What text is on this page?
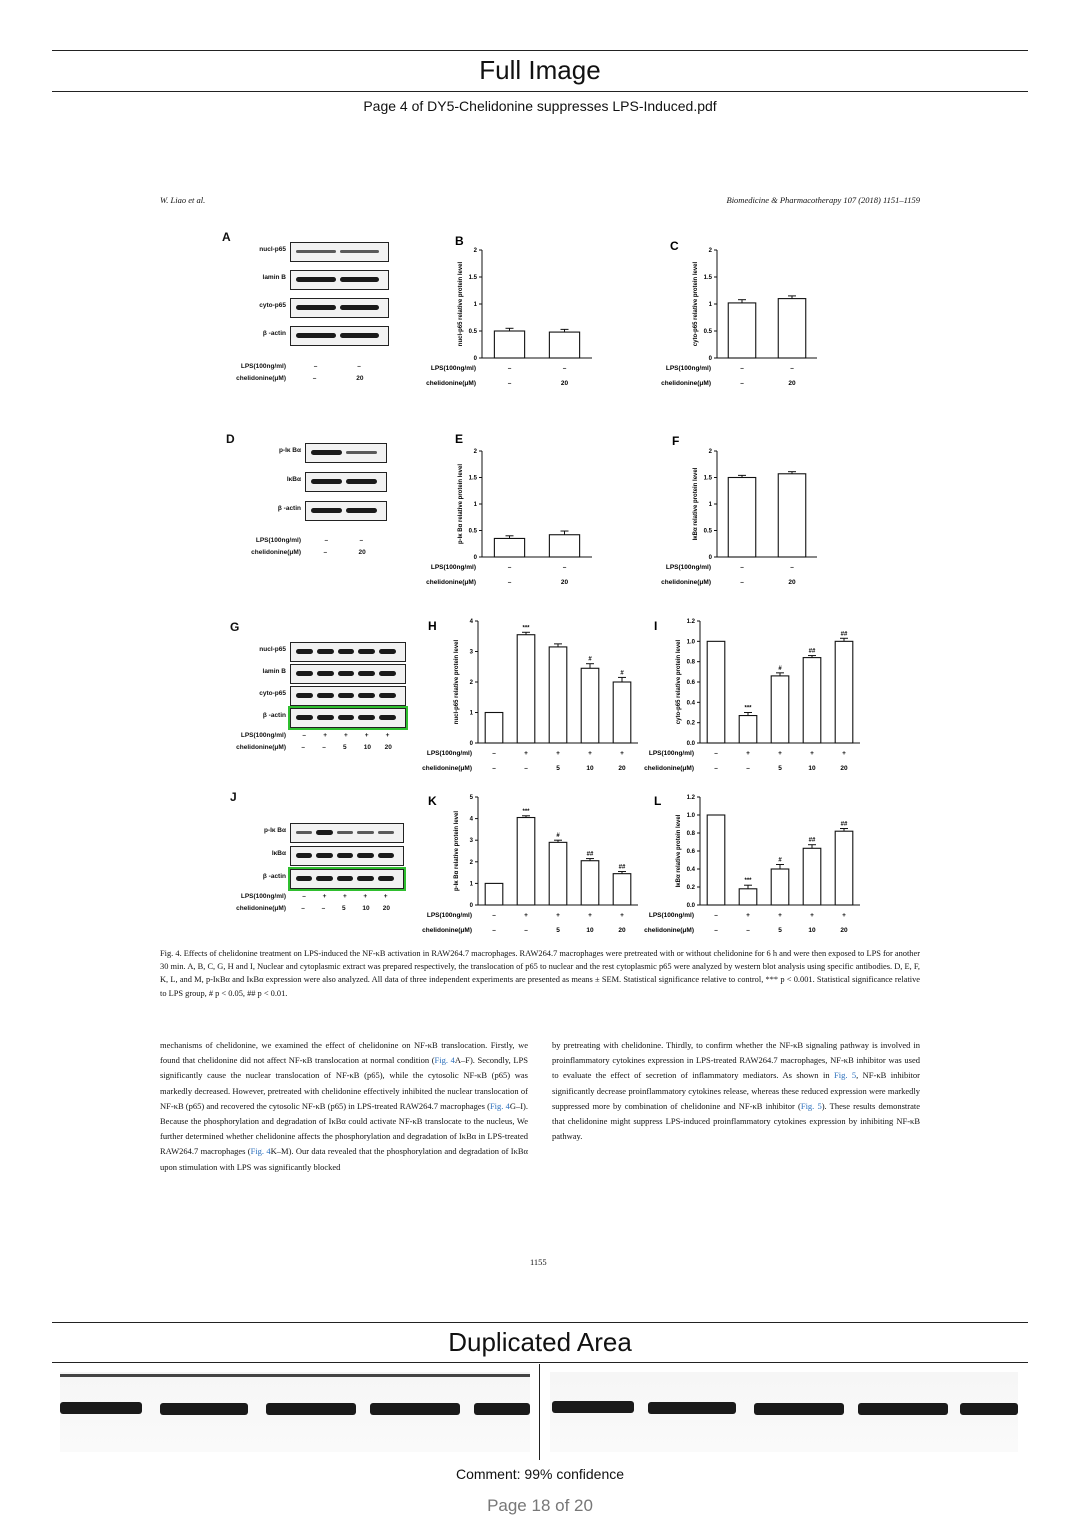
Full Image
Page 4 of DY5-Chelidonine suppresses LPS-Induced.pdf
W. Liao et al.	Biomedicine & Pharmacotherapy 107 (2018) 1151–1159
A
nucl-p65
lamin B
cyto-p65
β -actin
LPS(100ng/ml)
chelidonine(μM)
–
–
–
20
D
p-Iκ Bα
IκBα
β -actin
LPS(100ng/ml)
chelidonine(μM)
–
–
–
20
G
nucl-p65
lamin B
cyto-p65
β -actin
LPS(100ng/ml)
chelidonine(μM)
–
–
+
–
+
5
+
10
+
20
J
p-Iκ Bα
IκBα
β -actin
LPS(100ng/ml)
chelidonine(μM)
–
–
+
–
+
5
+
10
+
20
B
0
0.5
1
1.5
2
nucl-p65 relative protein level
–
–
–
20
LPS(100ng/ml)
chelidonine(μM)
C
0
0.5
1
1.5
2
cyto-p65 relative protein level
–
–
–
20
LPS(100ng/ml)
chelidonine(μM)
E
0
0.5
1
1.5
2
p-Iκ Bα relative protein level
–
–
–
20
LPS(100ng/ml)
chelidonine(μM)
F
0
0.5
1
1.5
2
IκBα relative protein level
–
–
–
20
LPS(100ng/ml)
chelidonine(μM)
H
0
1
2
3
4
nucl-p65 relative protein level
–
–
***
+
–
+
5
#
+
10
#
+
20
LPS(100ng/ml)
chelidonine(μM)
I
0.0
0.2
0.4
0.6
0.8
1.0
1.2
cyto-p65 relative protein level
–
–
***
+
–
#
+
5
##
+
10
##
+
20
LPS(100ng/ml)
chelidonine(μM)
K
0
1
2
3
4
5
p-Iκ Bα relative protein level
–
–
***
+
–
#
+
5
##
+
10
##
+
20
LPS(100ng/ml)
chelidonine(μM)
L
0.0
0.2
0.4
0.6
0.8
1.0
1.2
IκBα relative protein level
–
–
***
+
–
#
+
5
##
+
10
##
+
20
LPS(100ng/ml)
chelidonine(μM)
Fig. 4. Effects of chelidonine treatment on LPS-induced the NF-κB activation in RAW264.7 macrophages. RAW264.7 macrophages were pretreated with or without chelidonine for 6 h and were then exposed to LPS for another 30 min. A, B, C, G, H and I, Nuclear and cytoplasmic extract was prepared respectively, the translocation of p65 to nuclear and the rest cytoplasmic p65 were analyzed by western blot analysis using specific antibodies. D, E, F, K, L, and M, p-IκBα and IκBα expression were also analyzed. All data of three independent experiments are presented as means ± SEM. Statistical significance relative to control, *** p < 0.001. Statistical significance relative to LPS group, # p < 0.05, ## p < 0.01.
mechanisms of chelidonine, we examined the effect of chelidonine on NF-κB translocation. Firstly, we found that chelidonine did not affect NF-κB translocation at normal condition (Fig. 4A–F). Secondly, LPS significantly cause the nuclear translocation of NF-κB (p65), while the cytosolic NF-κB (p65) was markedly decreased. However, pretreated with chelidonine effectively inhibited the nuclear translocation of NF-κB (p65) and recovered the cytosolic NF-κB (p65) in LPS-treated RAW264.7 macrophages (Fig. 4G–I). Because the phosphorylation and degradation of IκBα could activate NF-κB translocate to the nucleus, We further determined whether chelidonine affects the phosphorylation and degradation of IκBα in LPS-treated RAW264.7 macrophages (Fig. 4K–M). Our data revealed that the phosphorylation and degradation of IκBα upon stimulation with LPS was significantly blocked
by pretreating with chelidonine. Thirdly, to confirm whether the NF-κB signaling pathway is involved in proinflammatory cytokines expression in LPS-treated RAW264.7 macrophages, NF-κB inhibitor was used to evaluate the effect of secretion of inflammatory mediators. As shown in Fig. 5, NF-κB inhibitor significantly decrease proinflammatory cytokines release, whereas these reduced expression were markedly suppressed more by combination of chelidonine and NF-κB inhibitor (Fig. 5). These results demonstrate that chelidonine might suppress LPS-induced proinflammatory cytokines expression by inhibiting NF-κB pathway.
1155
Duplicated Area
Comment: 99% confidence
Page 18 of 20
